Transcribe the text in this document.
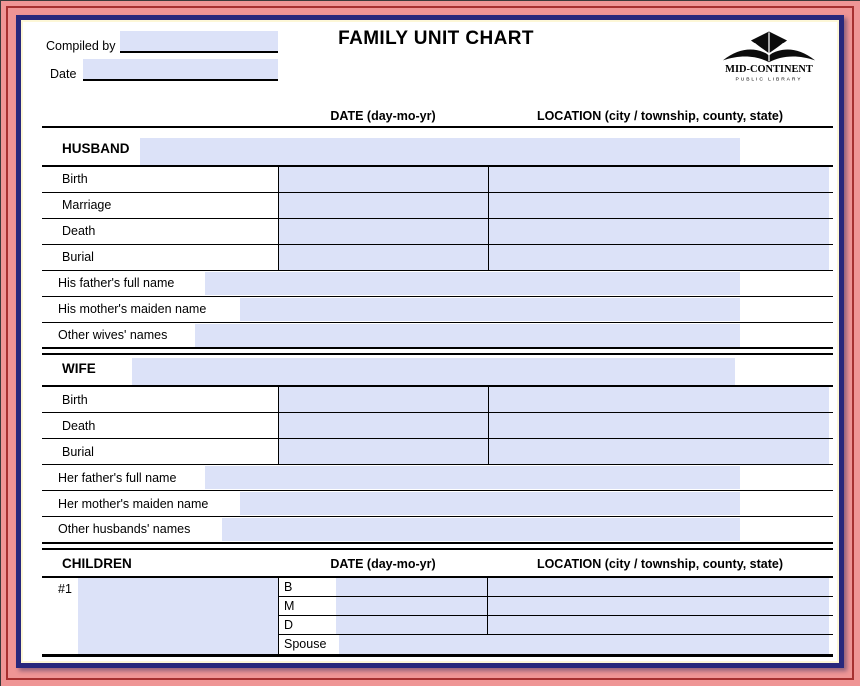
Compiled by
Date
FAMILY UNIT CHART
MID-CONTINENT
PUBLIC LIBRARY
DATE (day-mo-yr)	LOCATION (city / township, county, state)
HUSBAND
Birth
Marriage
Death
Burial
His father's full name
His mother's maiden name
Other wives' names
WIFE
Birth
Death
Burial
Her father's full name
Her mother's maiden name
Other husbands' names
CHILDREN	DATE (day-mo-yr)	LOCATION (city / township, county, state)
#1	B
M
D
Spouse
